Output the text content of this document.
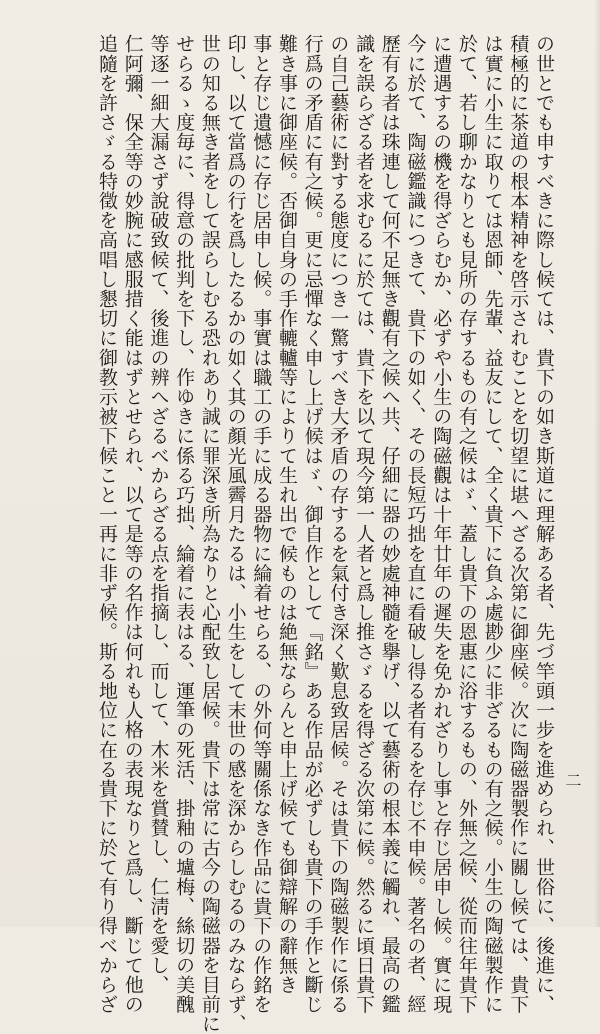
の世とでも申すべきに際し候ては、貴下の如き斯道に理解ある者、先づ竿頭一步を進められ、世俗に、後進に、
積極的に茶道の根本精神を啓示されむことを切望に堪へざる次第に御座候。次に陶磁器製作に關し候ては、貴下
は實に小生に取りては恩師、先輩、益友にして、全く貴下に負ふ處尠少に非ざるもの有之候。小生の陶磁製作に
於て、若し聊かなりとも見所の存するもの有之候はゞ、蓋し貴下の恩惠に浴するもの、外無之候、從而往年貴下
に遭遇するの機を得ざらむか、必ずや小生の陶磁觀は十年廿年の遲失を免かれざりし事と存じ居申し候。實に現
今に於て、陶磁鑑識につきて、貴下の如く、その長短巧拙を直に看破し得る者有るを存じ不申候。著名の者、經
歷有る者は珠連して何不足無き觀有之候へ共、仔細に器の妙處神髓を擧げ、以て藝術の根本義に觸れ、最高の鑑
識を誤らざる者を求むるに於ては、貴下を以て現今第一人者と爲し推さゞるを得ざる次第に候。然るに頃日貴下
の自己藝術に對する態度につき一驚すべき大矛盾の存するを氣付き深く歎息致居候。そは貴下の陶磁製作に係る
行爲の矛盾に有之候。更に忌憚なく申し上げ候はゞ、御自作として『銘』ある作品が必ずしも貴下の手作と斷じ
難き事に御座候。否御自身の手作轆轤等によりて生れ出で候ものは絶無ならんと申上げ候ても御辯解の辭無き
事と存じ遺憾に存じ居申し候。事實は職工の手に成る器物に綸着せらる、の外何等關係なき作品に貴下の作銘を
印し、以て當爲の行を爲したるかの如く其の顏光風霽月たるは、小生をして末世の感を深からしむるのみならず、
世の知る無き者をして誤らしむる恐れあり誠に罪深き所為なりと心配致し居候。貴下は常に古今の陶磁器を目前に
せらるゝ度毎に、得意の批判を下し、作ゆきに係る巧拙、綸着に表はる、運筆の死活、掛釉の壚梅、絲切の美醜
等逐一細大漏さず說破致候て、後進の辨へざるべからざる点を指摘し、而して、木米を賞賛し、仁淸を愛し、
仁阿彌、保全等の妙腕に感服措く能はずとせられ、以て是等の名作は何れも人格の表現なりと爲し、斷じて他の
追隨を許さゞる特徵を高唱し懇切に御教示被下候こと一再に非ず候。斯る地位に在る貴下に於て有り得べからざ	二
